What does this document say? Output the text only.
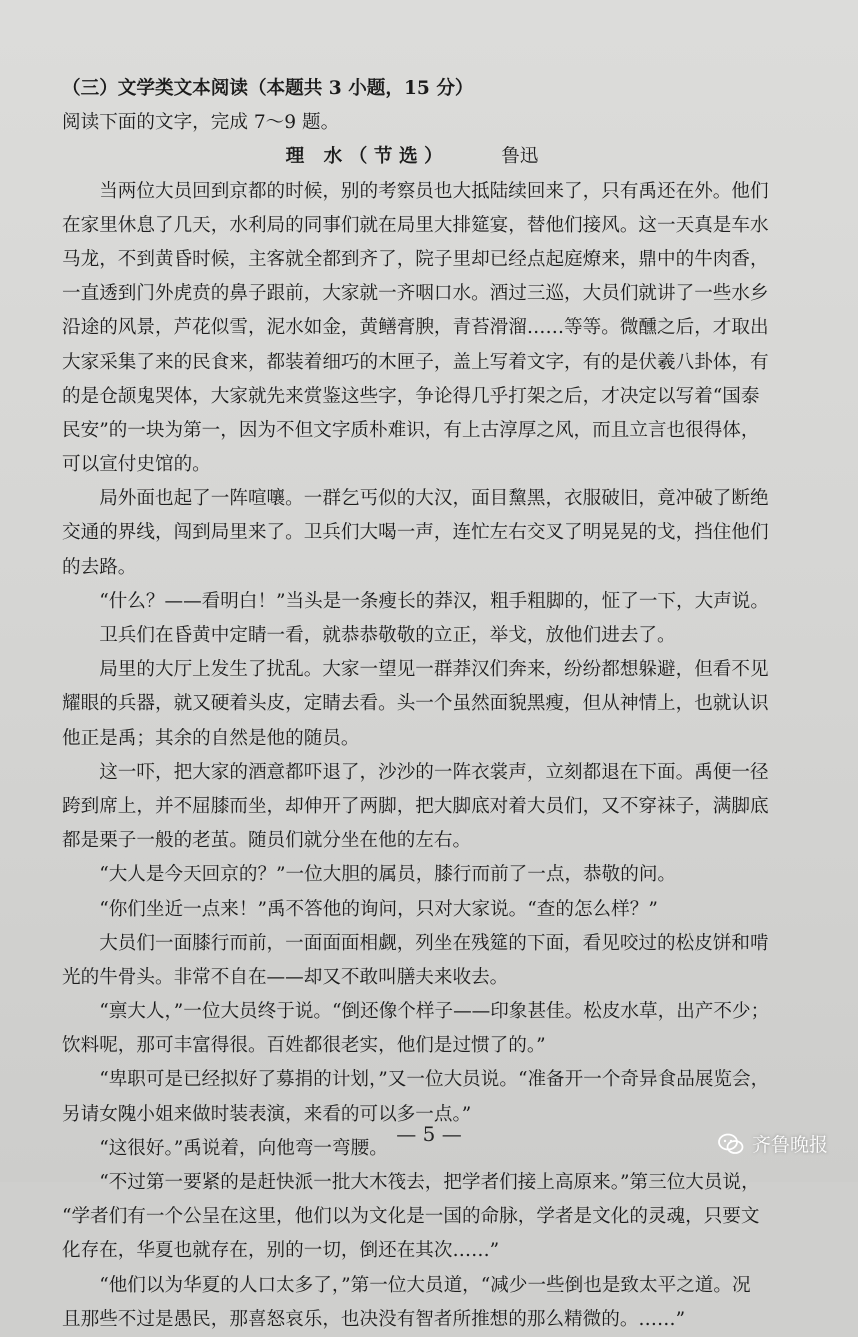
（三）文学类文本阅读（本题共 3 小题，15 分）
阅读下面的文字，完成 7～9 题。
理 水（节选）	鲁迅
　　当两位大员回到京都的时候，别的考察员也大抵陆续回来了，只有禹还在外。他们
在家里休息了几天，水利局的同事们就在局里大排筵宴，替他们接风。这一天真是车水
马龙，不到黄昏时候，主客就全都到齐了，院子里却已经点起庭燎来，鼎中的牛肉香，
一直透到门外虎贲的鼻子跟前，大家就一齐咽口水。酒过三巡，大员们就讲了一些水乡
沿途的风景，芦花似雪，泥水如金，黄鳝膏腴，青苔滑溜……等等。微醺之后，才取出
大家采集了来的民食来，都装着细巧的木匣子，盖上写着文字，有的是伏羲八卦体，有
的是仓颉鬼哭体，大家就先来赏鉴这些字，争论得几乎打架之后，才决定以写着“国泰
民安”的一块为第一，因为不但文字质朴难识，有上古淳厚之风，而且立言也很得体，
可以宣付史馆的。
　　局外面也起了一阵喧嚷。一群乞丐似的大汉，面目黧黑，衣服破旧，竟冲破了断绝
交通的界线，闯到局里来了。卫兵们大喝一声，连忙左右交叉了明晃晃的戈，挡住他们
的去路。
　　“什么？——看明白！”当头是一条瘦长的莽汉，粗手粗脚的，怔了一下，大声说。
　　卫兵们在昏黄中定睛一看，就恭恭敬敬的立正，举戈，放他们进去了。
　　局里的大厅上发生了扰乱。大家一望见一群莽汉们奔来，纷纷都想躲避，但看不见
耀眼的兵器，就又硬着头皮，定睛去看。头一个虽然面貌黑瘦，但从神情上，也就认识
他正是禹；其余的自然是他的随员。
　　这一吓，把大家的酒意都吓退了，沙沙的一阵衣裳声，立刻都退在下面。禹便一径
跨到席上，并不屈膝而坐，却伸开了两脚，把大脚底对着大员们，又不穿袜子，满脚底
都是栗子一般的老茧。随员们就分坐在他的左右。
　　“大人是今天回京的？”一位大胆的属员，膝行而前了一点，恭敬的问。
　　“你们坐近一点来！”禹不答他的询问，只对大家说。“查的怎么样？”
　　大员们一面膝行而前，一面面面相觑，列坐在残筵的下面，看见咬过的松皮饼和啃
光的牛骨头。非常不自在——却又不敢叫膳夫来收去。
　　“禀大人，”一位大员终于说。“倒还像个样子——印象甚佳。松皮水草，出产不少；
饮料呢，那可丰富得很。百姓都很老实，他们是过惯了的。”
　　“卑职可是已经拟好了募捐的计划，”又一位大员说。“准备开一个奇异食品展览会，
另请女隗小姐来做时装表演，来看的可以多一点。”
　　“这很好。”禹说着，向他弯一弯腰。
　　“不过第一要紧的是赶快派一批大木筏去，把学者们接上高原来。”第三位大员说，
“学者们有一个公呈在这里，他们以为文化是一国的命脉，学者是文化的灵魂，只要文
化存在，华夏也就存在，别的一切，倒还在其次……”
　　“他们以为华夏的人口太多了，”第一位大员道，“减少一些倒也是致太平之道。况
且那些不过是愚民，那喜怒哀乐，也决没有智者所推想的那么精微的。……”
— 5 —	齐鲁晚报
